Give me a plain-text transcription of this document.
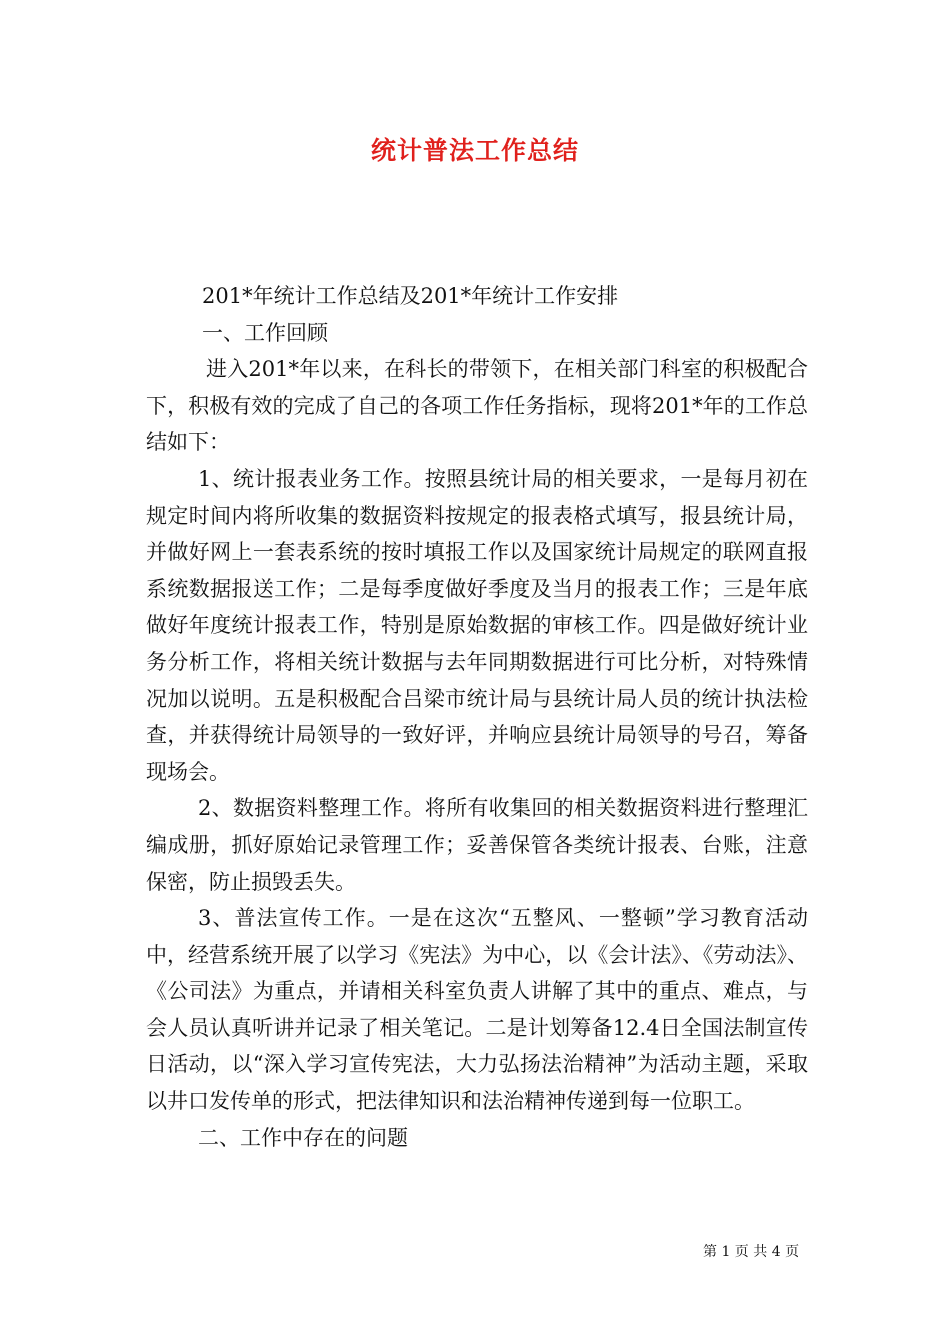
统计普法工作总结

201*年统计工作总结及201*年统计工作安排

一、工作回顾

进入201*年以来，在科长的带领下，在相关部门科室的积极配合下，积极有效的完成了自己的各项工作任务指标，现将201*年的工作总结如下：

1、统计报表业务工作。按照县统计局的相关要求，一是每月初在规定时间内将所收集的数据资料按规定的报表格式填写，报县统计局，并做好网上一套表系统的按时填报工作以及国家统计局规定的联网直报系统数据报送工作；二是每季度做好季度及当月的报表工作；三是年底做好年度统计报表工作，特别是原始数据的审核工作。四是做好统计业务分析工作，将相关统计数据与去年同期数据进行可比分析，对特殊情况加以说明。五是积极配合吕梁市统计局与县统计局人员的统计执法检查，并获得统计局领导的一致好评，并响应县统计局领导的号召，筹备现场会。

2、数据资料整理工作。将所有收集回的相关数据资料进行整理汇编成册，抓好原始记录管理工作；妥善保管各类统计报表、台账，注意保密，防止损毁丢失。

3、普法宣传工作。一是在这次“五整风、一整顿”学习教育活动中，经营系统开展了以学习《宪法》为中心，以《会计法》、《劳动法》、《公司法》为重点，并请相关科室负责人讲解了其中的重点、难点，与会人员认真听讲并记录了相关笔记。二是计划筹备12.4日全国法制宣传日活动，以“深入学习宣传宪法，大力弘扬法治精神”为活动主题，采取以井口发传单的形式，把法律知识和法治精神传递到每一位职工。

二、工作中存在的问题

第 1 页 共 4 页
